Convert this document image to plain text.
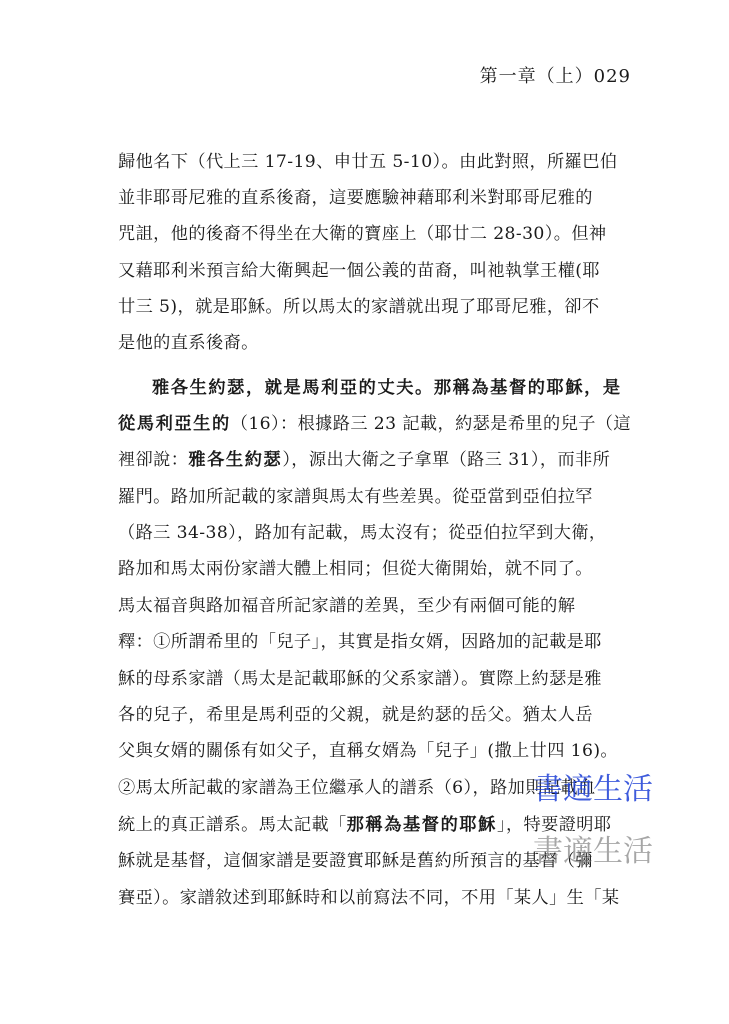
第一章（上）029
歸他名下（代上三 17-19、申廿五 5-10）。由此對照，所羅巴伯
並非耶哥尼雅的直系後裔，這要應驗神藉耶利米對耶哥尼雅的
咒詛，他的後裔不得坐在大衛的寶座上（耶廿二 28-30）。但神
又藉耶利米預言給大衛興起一個公義的苗裔，叫祂執掌王權(耶
廿三 5)，就是耶穌。所以馬太的家譜就出現了耶哥尼雅，卻不
是他的直系後裔。
雅各生約瑟，就是馬利亞的丈夫。那稱為基督的耶穌，是
從馬利亞生的（16）：根據路三 23 記載，約瑟是希里的兒子（這
裡卻說：雅各生約瑟），源出大衛之子拿單（路三 31），而非所
羅門。路加所記載的家譜與馬太有些差異。從亞當到亞伯拉罕
（路三 34-38），路加有記載，馬太沒有；從亞伯拉罕到大衛，
路加和馬太兩份家譜大體上相同；但從大衛開始，就不同了。
馬太福音與路加福音所記家譜的差異，至少有兩個可能的解
釋：①所謂希里的「兒子」，其實是指女婿，因路加的記載是耶
穌的母系家譜（馬太是記載耶穌的父系家譜）。實際上約瑟是雅
各的兒子，希里是馬利亞的父親，就是約瑟的岳父。猶太人岳
父與女婿的關係有如父子，直稱女婿為「兒子」(撒上廿四 16)。
②馬太所記載的家譜為王位繼承人的譜系（6），路加則記載血
統上的真正譜系。馬太記載「那稱為基督的耶穌」，特要證明耶
穌就是基督，這個家譜是要證實耶穌是舊約所預言的基督（彌
賽亞）。家譜敘述到耶穌時和以前寫法不同，不用「某人」生「某
書適生活
書適生活
